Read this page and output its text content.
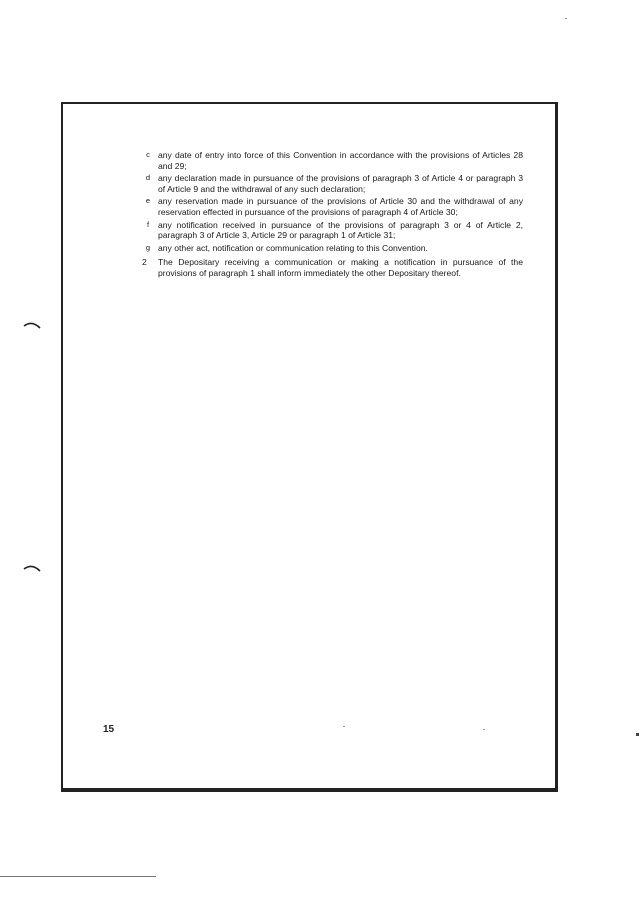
c any date of entry into force of this Convention in accordance with the provisions of Articles 28 and 29;
d any declaration made in pursuance of the provisions of paragraph 3 of Article 4 or paragraph 3 of Article 9 and the withdrawal of any such declaration;
e any reservation made in pursuance of the provisions of Article 30 and the withdrawal of any reservation effected in pursuance of the provisions of paragraph 4 of Article 30;
f	any notification received in pursuance of the provisions of paragraph 3 or 4 of Article 2, paragraph 3 of Article 3, Article 29 or paragraph 1 of Article 31;
g any other act, notification or communication relating to this Convention.
2	The Depositary receiving a communication or making a notification in pursuance of the provisions of paragraph 1 shall inform immediately the other Depositary thereof.
15
